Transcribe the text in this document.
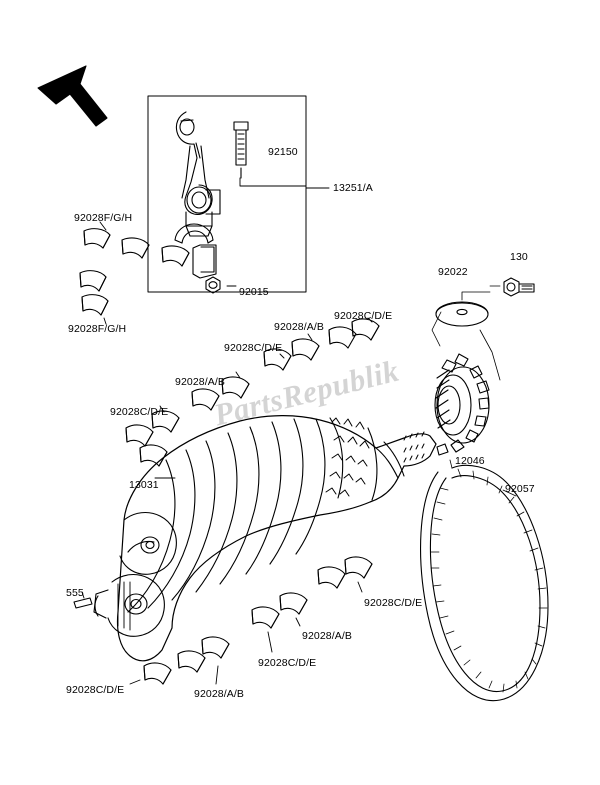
PartsRepublik
92150
13251/A
92028F/G/H
92028F/G/H
92015
92028C/D/E
92022
130
92028/A/B
92028C/D/E
92028/A/B
92028C/D/E
12046
92057
13031
555
92028C/D/E
92028/A/B
92028C/D/E
92028C/D/E	92028/A/B
